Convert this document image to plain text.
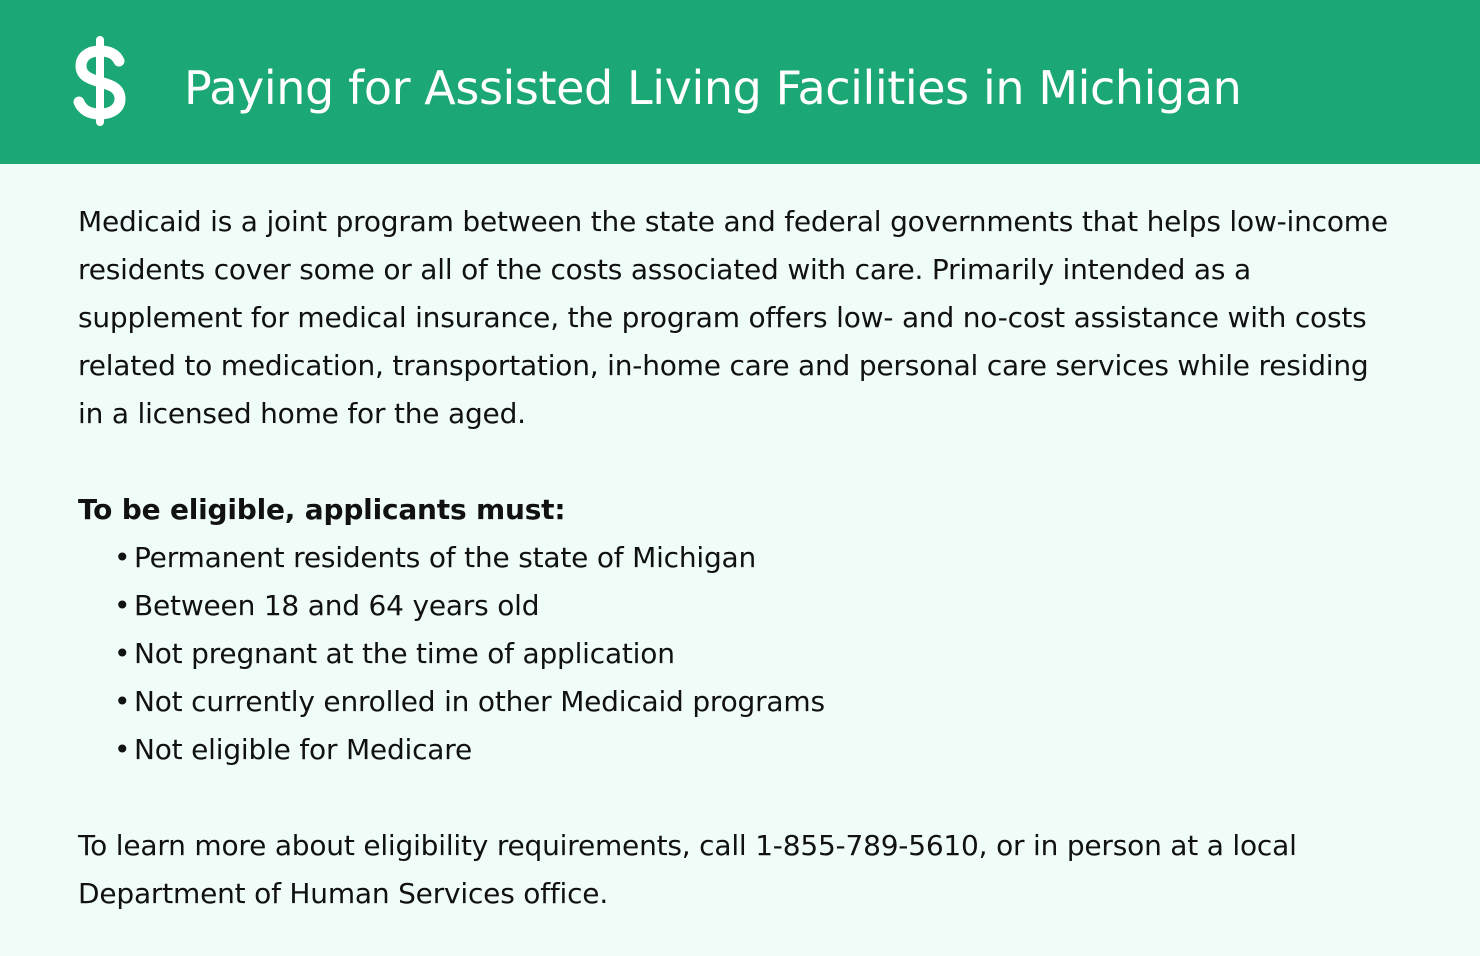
Paying for Assisted Living Facilities in Michigan

Medicaid is a joint program between the state and federal governments that helps low-income residents cover some or all of the costs associated with care. Primarily intended as a supplement for medical insurance, the program offers low- and no-cost assistance with costs related to medication, transportation, in-home care and personal care services while residing in a licensed home for the aged.

To be eligible, applicants must:

• Permanent residents of the state of Michigan
• Between 18 and 64 years old
• Not pregnant at the time of application
• Not currently enrolled in other Medicaid programs
• Not eligible for Medicare

To learn more about eligibility requirements, call 1-855-789-5610, or in person at a local Department of Human Services office.
